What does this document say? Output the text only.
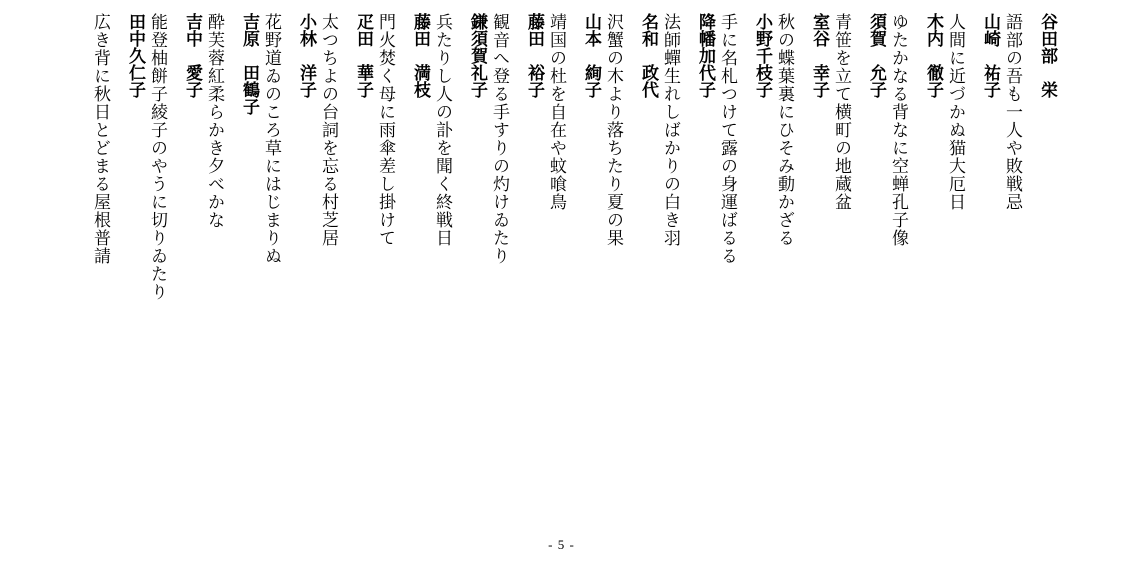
谷田部　栄
語部の吾も一人や敗戦忌
山崎　祐子
人間に近づかぬ猫大厄日
木内　徹子
ゆたかなる背なに空蝉孔子像
須賀　允子
青笹を立て横町の地蔵盆
室谷　幸子
秋の蝶葉裏にひそみ動かざる
小野千枝子
手に名札つけて露の身運ばるる
降幡加代子
法師蟬生れしばかりの白き羽
名和　政代
沢蟹の木より落ちたり夏の果
山本　絢子
靖国の杜を自在や蚊喰鳥
藤田　裕子
観音へ登る手すりの灼けゐたり
鎌須賀礼子
兵たりし人の訃を聞く終戦日
藤田　満枝
門火焚く母に雨傘差し掛けて
疋田　華子
太つちよの台詞を忘る村芝居
小林　洋子
花野道ゐのころ草にはじまりぬ
吉原　田鶴子
酔芙蓉紅柔らかき夕べかな
吉中　愛子
能登柚餅子綾子のやうに切りゐたり
田中久仁子
広き背に秋日とどまる屋根普請
- 5 -
